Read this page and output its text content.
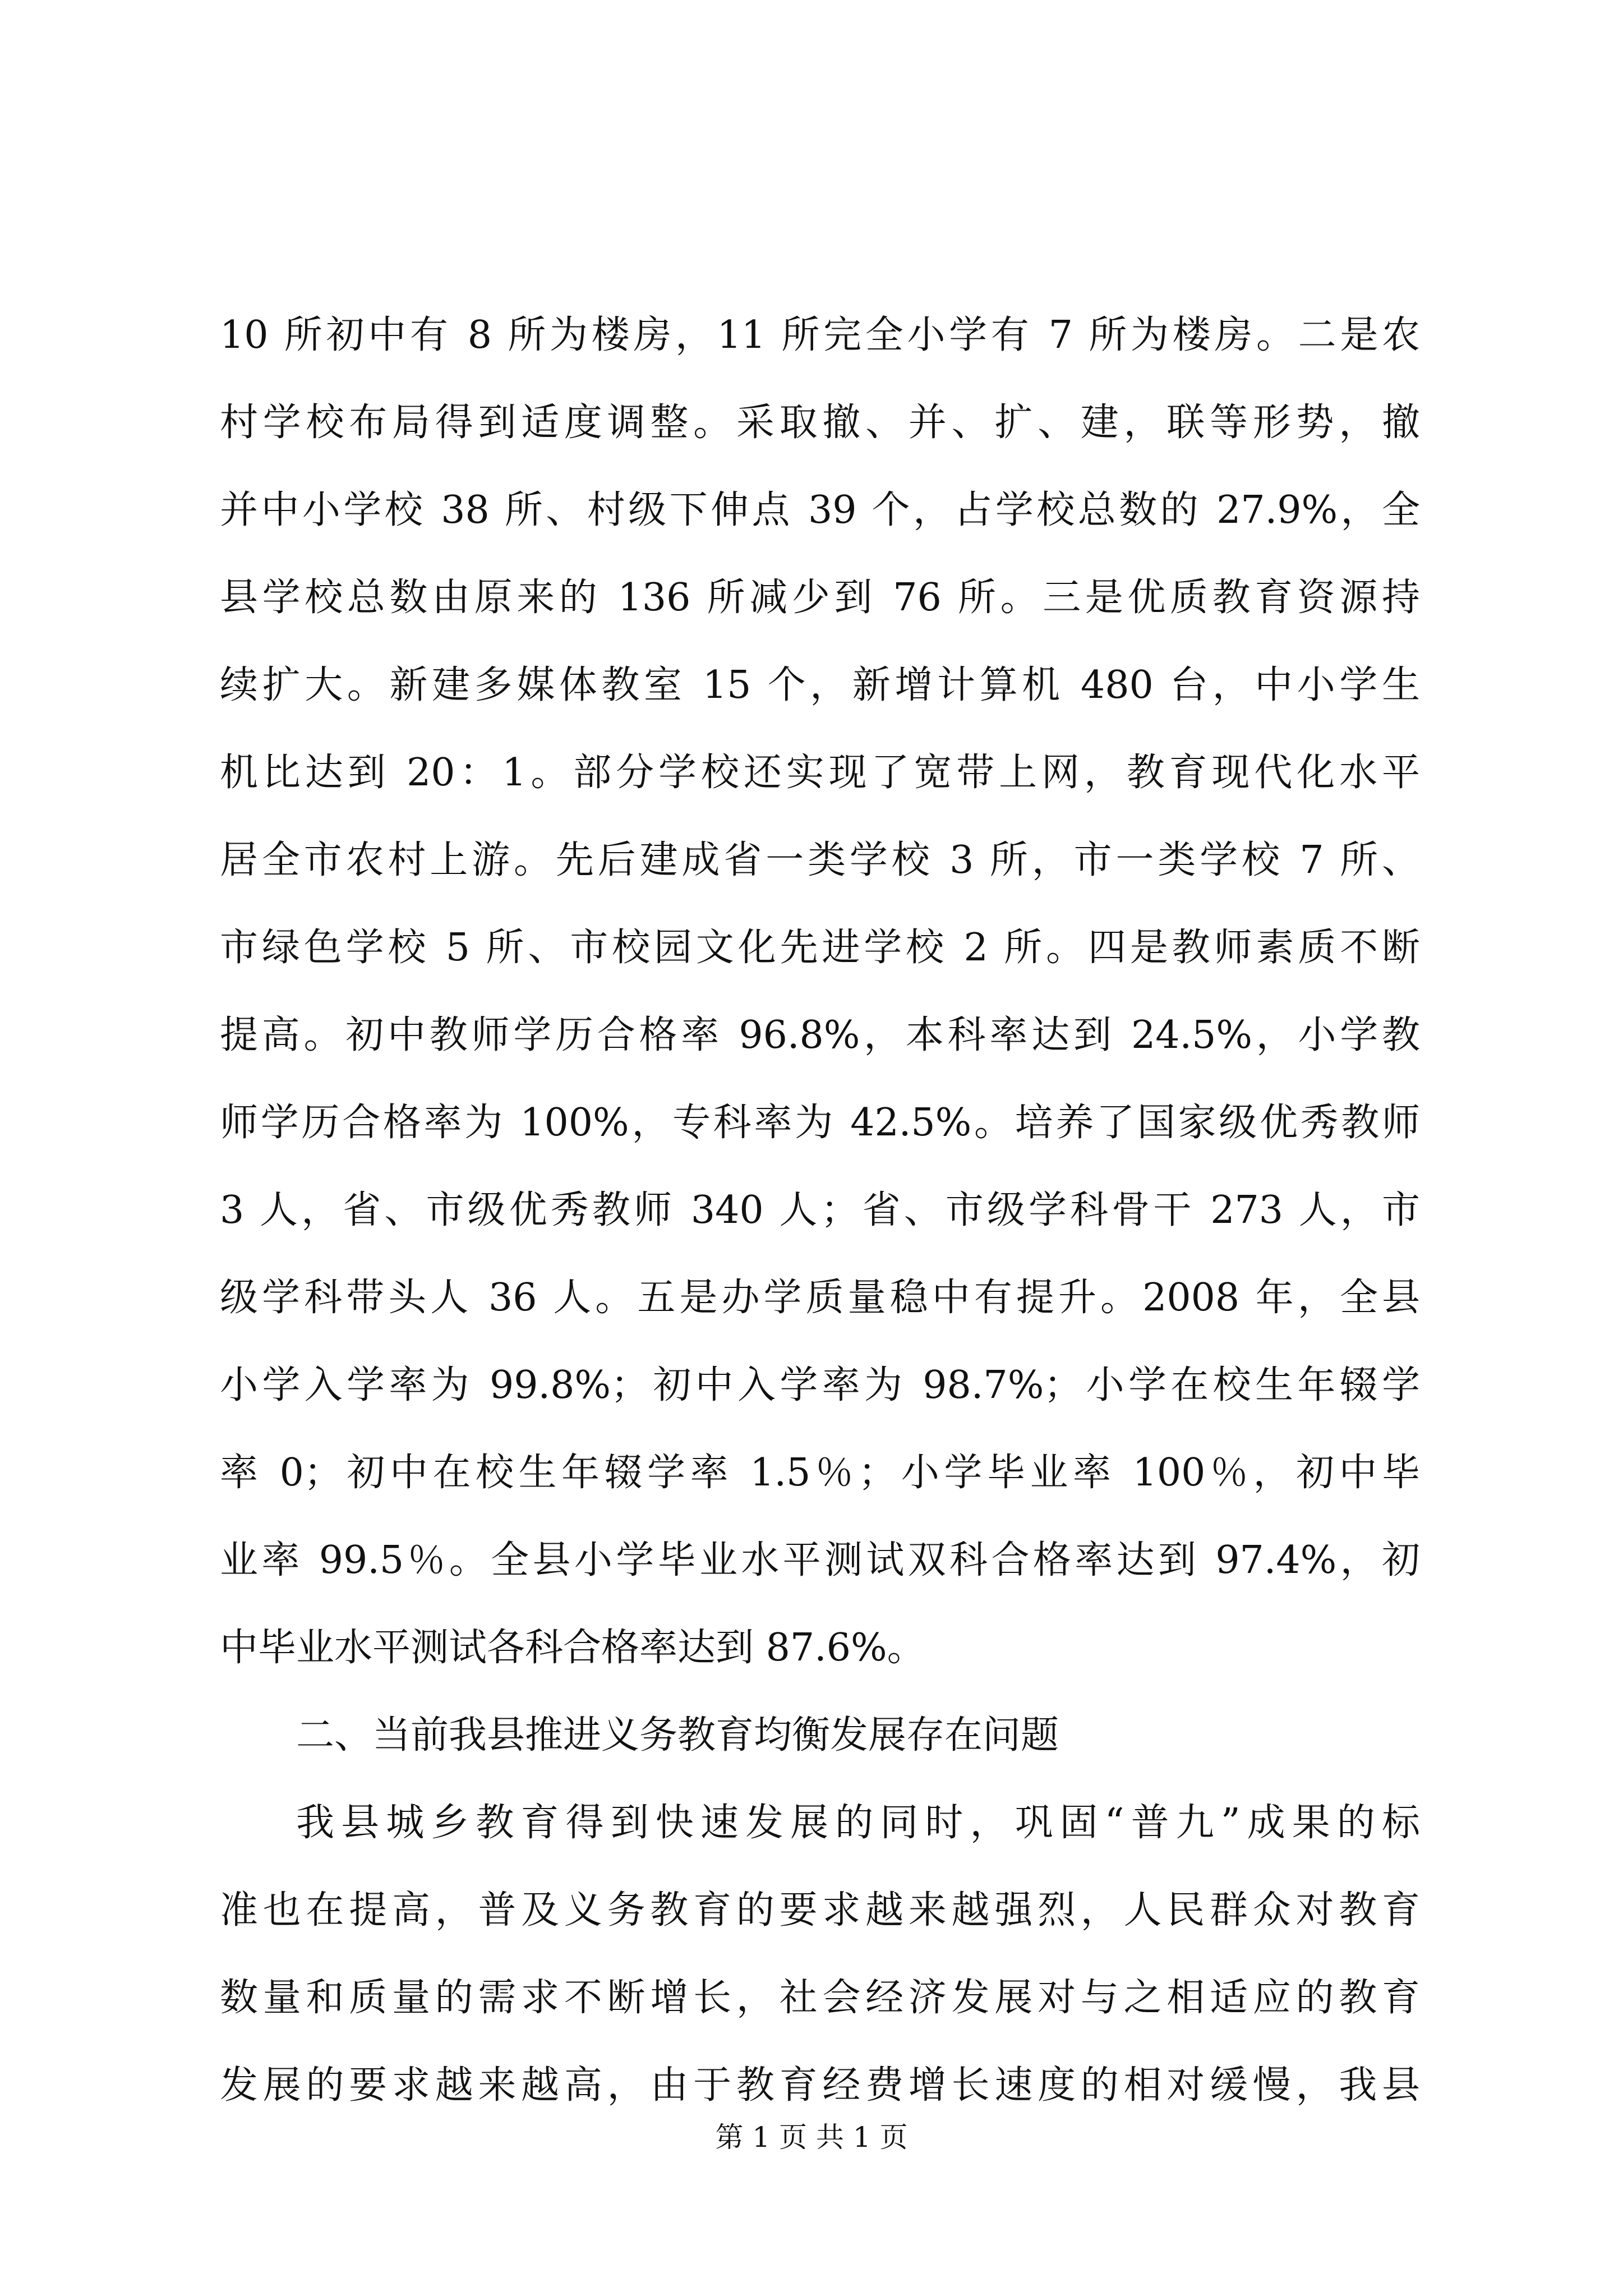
10 所初中有 8 所为楼房，11 所完全小学有 7 所为楼房。二是农
村学校布局得到适度调整。采取撤、并、扩、建，联等形势，撤
并中小学校 38 所、村级下伸点 39 个，占学校总数的 27.9%，全
县学校总数由原来的 136 所减少到 76 所。三是优质教育资源持
续扩大。新建多媒体教室 15 个，新增计算机 480 台，中小学生
机比达到 20：1。部分学校还实现了宽带上网，教育现代化水平
居全市农村上游。先后建成省一类学校 3 所，市一类学校 7 所、
市绿色学校 5 所、市校园文化先进学校 2 所。四是教师素质不断
提高。初中教师学历合格率 96.8%，本科率达到 24.5%，小学教
师学历合格率为 100%，专科率为 42.5%。培养了国家级优秀教师
3 人，省、市级优秀教师 340 人；省、市级学科骨干 273 人，市
级学科带头人 36 人。五是办学质量稳中有提升。2008 年，全县
小学入学率为 99.8%；初中入学率为 98.7%；小学在校生年辍学
率 0；初中在校生年辍学率 1.5％；小学毕业率 100％，初中毕
业率 99.5％。全县小学毕业水平测试双科合格率达到 97.4%，初
中毕业水平测试各科合格率达到 87.6%。
二、当前我县推进义务教育均衡发展存在问题
我县城乡教育得到快速发展的同时，巩固“普九”成果的标
准也在提高，普及义务教育的要求越来越强烈，人民群众对教育
数量和质量的需求不断增长，社会经济发展对与之相适应的教育
发展的要求越来越高，由于教育经费增长速度的相对缓慢，我县
第 1 页 共 1 页
